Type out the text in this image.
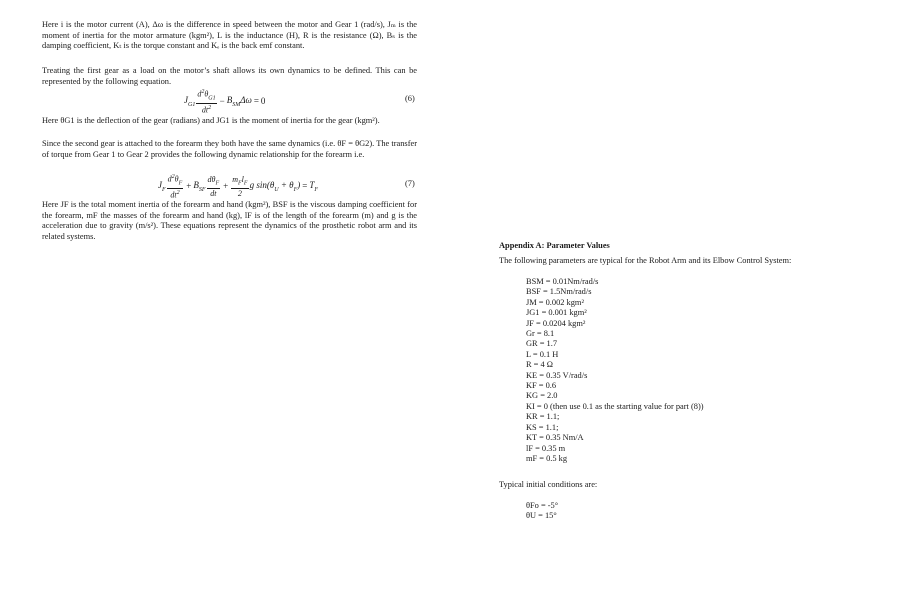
Here i is the motor current (A), Δω is the difference in speed between the motor and Gear 1 (rad/s), Jₘ is the moment of inertia for the motor armature (kgm²), L is the inductance (H), R is the resistance (Ω), Bₛ is the damping coefficient, Kₜ is the torque constant and Kₑ is the back emf constant.

Treating the first gear as a load on the motor’s shaft allows its own dynamics to be defined. This can be represented by the following equation.

$J_{G1} \frac{d^2\theta_{G1}}{dt^2} - B_{SM}\Delta\omega = 0$	(6)

Here θG1 is the deflection of the gear (radians) and JG1 is the moment of inertia for the gear (kgm²).

Since the second gear is attached to the forearm they both have the same dynamics (i.e. θF = θG2). The transfer of torque from Gear 1 to Gear 2 provides the following dynamic relationship for the forearm i.e.

$J_F \frac{d^2\theta_F}{dt^2} + B_{SF} \frac{d\theta_F}{dt} + \frac{m_Fl_F}{2}$ g $\sin(\theta_U + \theta_F) = T_F$
(7)

Here JF is the total moment inertia of the forearm and hand (kgm²), BSF is the viscous damping coefficient for the forearm, mF the masses of the forearm and hand (kg), lF is of the length of the forearm (m) and g is the acceleration due to gravity (m/s²). These equations represent the dynamics of the prosthetic robot arm and its related systems.

Appendix A: Parameter Values
The following parameters are typical for the Robot Arm and its Elbow Control System:
BSM = 0.01Nm/rad/s
BSF = 1.5Nm/rad/s
JM = 0.002 kgm²
JG1 = 0.001 kgm²
JF = 0.0204 kgm²
Gr = 8.1
GR = 1.7
L = 0.1 H
R = 4 Ω
KE = 0.35 V/rad/s
KF = 0.6
KG = 2.0
KI = 0 (then use 0.1 as the starting value for part (8))
KR = 1.1;
KS = 1.1;
KT = 0.35 Nm/A
lF = 0.35 m
mF = 0.5 kg
Typical initial conditions are:
θFo = -5°
θU = 15°
